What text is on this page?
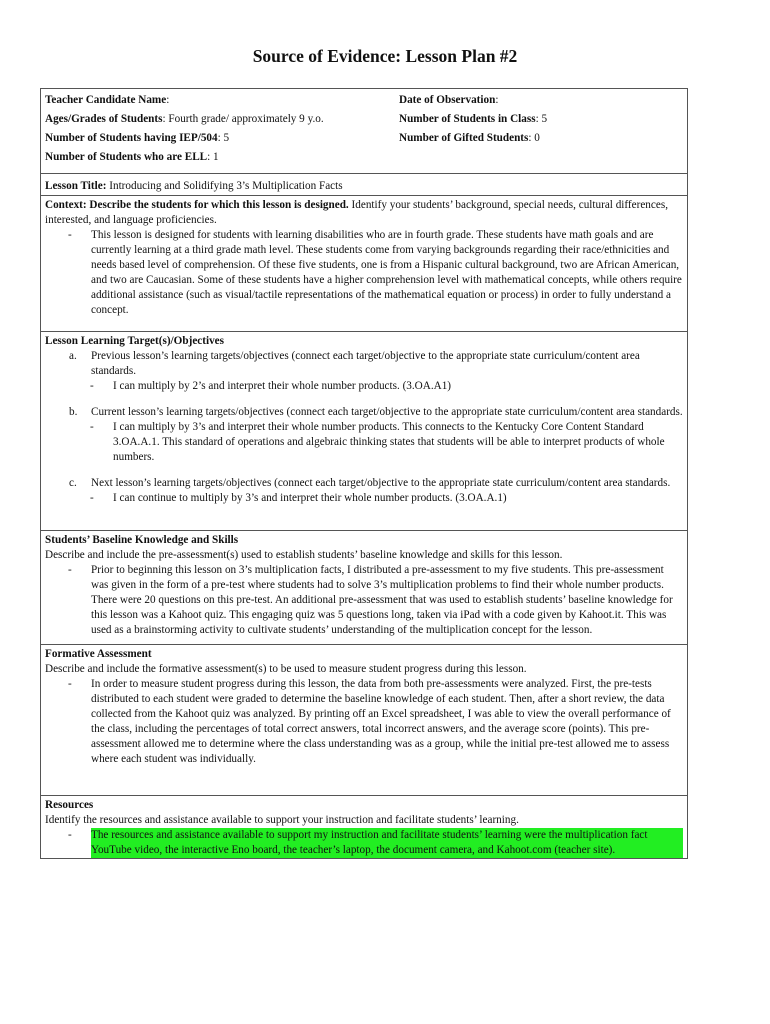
Source of Evidence: Lesson Plan #2
Teacher Candidate Name:
Ages/Grades of Students: Fourth grade/ approximately 9 y.o.
Number of Students having IEP/504: 5
Number of Students who are ELL: 1
Date of Observation:
Number of Students in Class: 5
Number of Gifted Students: 0
Lesson Title: Introducing and Solidifying 3’s Multiplication Facts
Context: Describe the students for which this lesson is designed. Identify your students’ background, special needs, cultural differences, interested, and language proficiencies.
- This lesson is designed for students with learning disabilities who are in fourth grade. These students have math goals and are currently learning at a third grade math level. These students come from varying backgrounds regarding their race/ethnicities and needs based level of comprehension. Of these five students, one is from a Hispanic cultural background, two are African American, and two are Caucasian. Some of these students have a higher comprehension level with mathematical concepts, while others require additional assistance (such as visual/tactile representations of the mathematical equation or process) in order to fully understand a concept.
Lesson Learning Target(s)/Objectives
a. Previous lesson’s learning targets/objectives (connect each target/objective to the appropriate state curriculum/content area standards.
- I can multiply by 2’s and interpret their whole number products. (3.OA.A1)
b. Current lesson’s learning targets/objectives (connect each target/objective to the appropriate state curriculum/content area standards.
- I can multiply by 3’s and interpret their whole number products. This connects to the Kentucky Core Content Standard 3.OA.A.1. This standard of operations and algebraic thinking states that students will be able to interpret products of whole numbers.
c. Next lesson’s learning targets/objectives (connect each target/objective to the appropriate state curriculum/content area standards.
- I can continue to multiply by 3’s and interpret their whole number products. (3.OA.A.1)
Students’ Baseline Knowledge and Skills
Describe and include the pre-assessment(s) used to establish students’ baseline knowledge and skills for this lesson.
- Prior to beginning this lesson on 3’s multiplication facts, I distributed a pre-assessment to my five students. This pre-assessment was given in the form of a pre-test where students had to solve 3’s multiplication problems to find their whole number products. There were 20 questions on this pre-test. An additional pre-assessment that was used to establish students’ baseline knowledge for this lesson was a Kahoot quiz. This engaging quiz was 5 questions long, taken via iPad with a code given by Kahoot.it. This was used as a brainstorming activity to cultivate students’ understanding of the multiplication concept for the lesson.
Formative Assessment
Describe and include the formative assessment(s) to be used to measure student progress during this lesson.
- In order to measure student progress during this lesson, the data from both pre-assessments were analyzed. First, the pre-tests distributed to each student were graded to determine the baseline knowledge of each student. Then, after a short review, the data collected from the Kahoot quiz was analyzed. By printing off an Excel spreadsheet, I was able to view the overall performance of the class, including the percentages of total correct answers, total incorrect answers, and the average score (points). This pre-assessment allowed me to determine where the class understanding was as a group, while the initial pre-test allowed me to assess where each student was individually.
Resources
Identify the resources and assistance available to support your instruction and facilitate students’ learning.
- The resources and assistance available to support my instruction and facilitate students’ learning were the multiplication fact YouTube video, the interactive Eno board, the teacher’s laptop, the document camera, and Kahoot.com (teacher site).
